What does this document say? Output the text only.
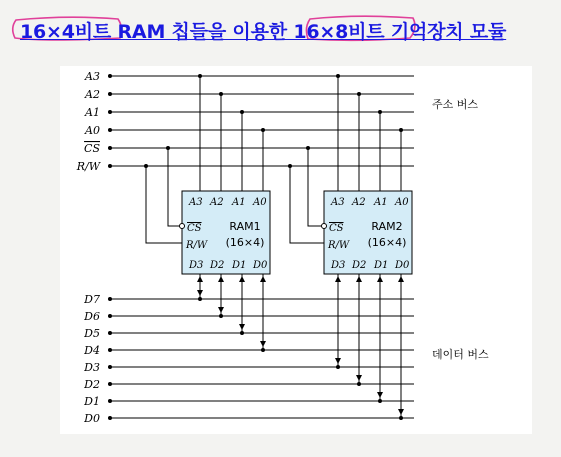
16×4비트 RAM 칩들을 이용한 16×8비트 기억장치 모듈
A3
A2
A1
A0
CS
R/W
주소 버스
A3 A2 A1 A0
CS
R/W
D3 D2 D1 D0
RAM1
(16×4)
A3 A2 A1 A0
CS
R/W
D3 D2 D1 D0
RAM2
(16×4)
D7
D6
D5
D4
D3
D2
D1
D0
데이터 버스
